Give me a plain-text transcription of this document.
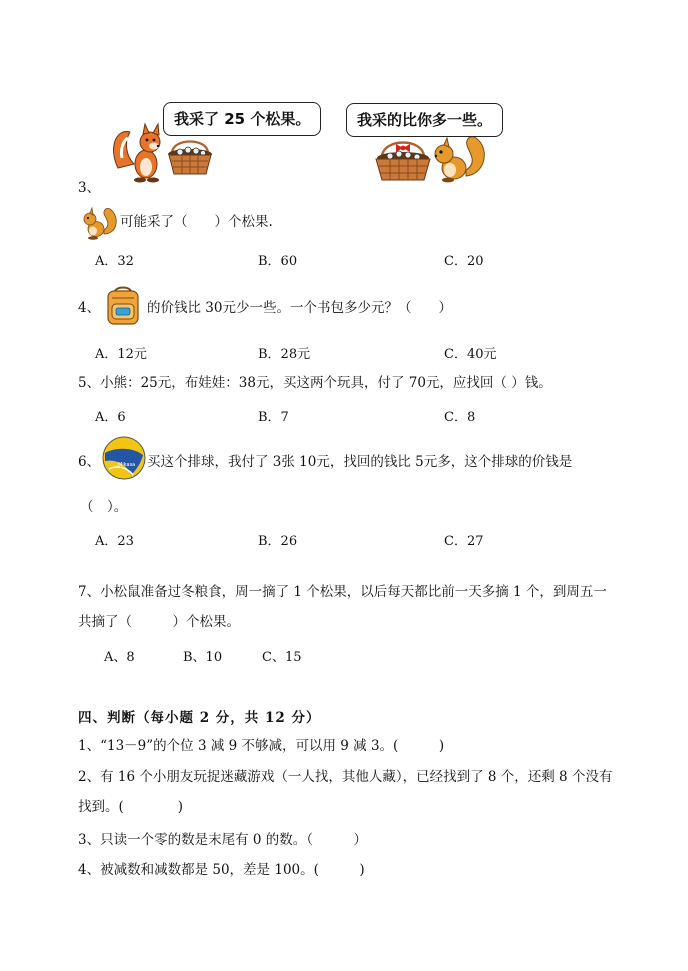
我采了 25 个松果。	我采的比你多一些。
3、
可能采了（　　）个松果.
A．32	B．60	C．20
4、	的价钱比 30元少一些。一个书包多少元？（　　）
A．12元	B．28元	C．40元
5、小熊：25元，布娃娃：38元，买这两个玩具，付了 70元，应找回（ ）钱。
A．6	B．7	C．8
6、	Mikasa 买这个排球，我付了 3张 10元，找回的钱比 5元多，这个排球的价钱是
（　）。
A．23	B．26	C．27
7、小松鼠准备过冬粮食，周一摘了 1 个松果，以后每天都比前一天多摘 1 个，到周五一
共摘了（　　　）个松果。
A、8	B、10	C、15
四、判断（每小题 2 分，共 12 分）
1、“13－9”的个位 3 减 9 不够减，可以用 9 减 3。(　　　)
2、有 16 个小朋友玩捉迷藏游戏（一人找，其他人藏），已经找到了 8 个，还剩 8 个没有
找到。(　　　　)
3、只读一个零的数是末尾有 0 的数。（　　　）
4、被减数和减数都是 50，差是 100。(　　　)
